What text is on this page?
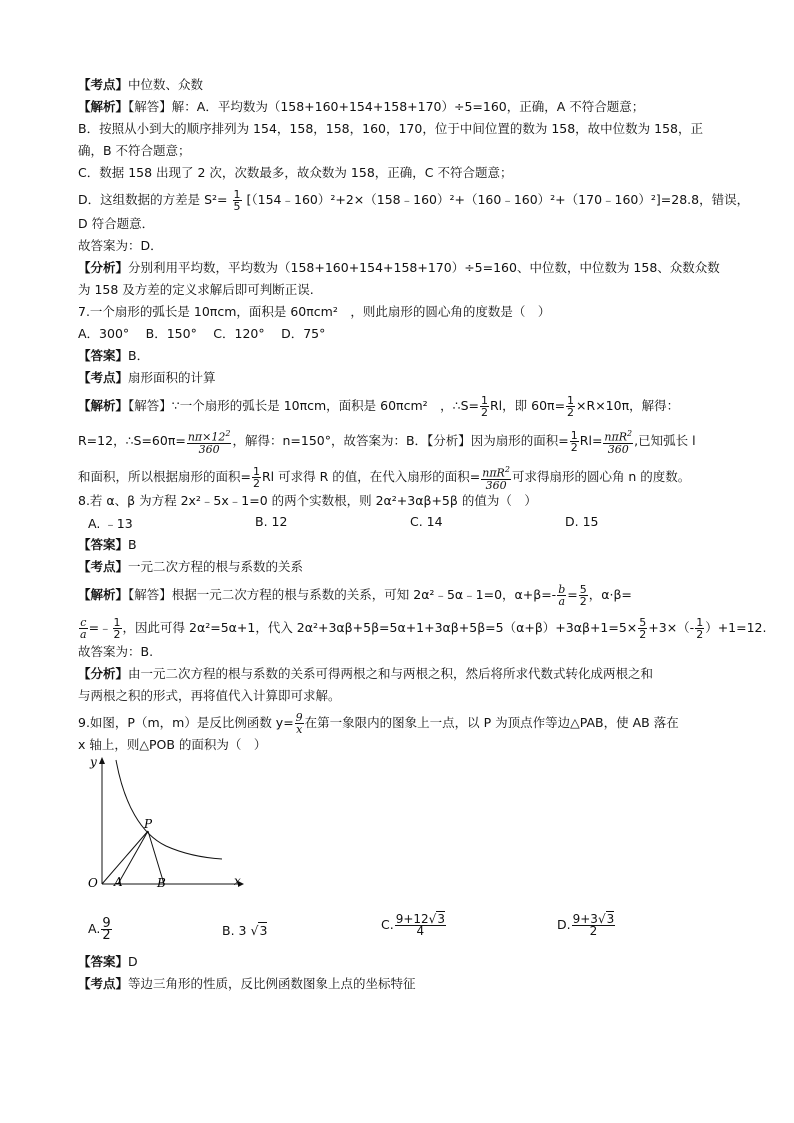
【考点】中位数、众数
【解析】【解答】解：A．平均数为（158+160+154+158+170）÷5=160，正确，A 不符合题意；
B．按照从小到大的顺序排列为 154，158，158，160，170，位于中间位置的数为 158，故中位数为 158，正
确，B 不符合题意；
C．数据 158 出现了 2 次，次数最多，故众数为 158，正确，C 不符合题意；
D．这组数据的方差是 $S^2= \frac{1}{5}$ [（154﹣160）²+2×（158﹣160）²+（160﹣160）²+（170﹣160）²]=28.8，错误，
D 符合题意．
故答案为：D．
【分析】分别利用平均数，平均数为（158+160+154+158+170）÷5=160、中位数，中位数为 158、众数众数
为 158 及方差的定义求解后即可判断正误.
7.一个扇形的弧长是 10πcm，面积是 60πcm²　，则此扇形的圆心角的度数是（　）
A．300°　 B．150°　 C．120°　 D．75°
【答案】B．
【考点】扇形面积的计算
【解析】【解答】∵一个扇形的弧长是 10πcm，面积是 60πcm²　，∴S= $\frac{1}{2}$ Rl，即 $60\pi= \frac{1}{2} \times R\times 10\pi$，解得：
R=12，∴S=60π= $\frac{n\pi\times 12^2}{360}$ ，解得：n=150°，故答案为：B．【分析】因为扇形的面积= $\frac{1}{2} Rl= \frac{n\pi R^2}{360}$ ,已知弧长 l
和面积，所以根据扇形的面积= $\frac{1}{2}$ Rl 可求得 R 的值，在代入扇形的面积= $\frac{n\pi R^2}{360}$ 可求得扇形的圆心角 n 的度数。
8.若 α、β 为方程 2x²﹣5x﹣1=0 的两个实数根，则 2α²+3αβ+5β 的值为（　）
A. ﹣13	B. 12	C. 14	D. 15
【答案】B
【考点】一元二次方程的根与系数的关系
【解析】【解答】根据一元二次方程的根与系数的关系，可知 2α²﹣5α﹣1=0，$\alpha+\beta=- \frac{b}{a} = \frac{5}{2}$ ，α·β=
$\frac{c}{a}$ =﹣ $\frac{1}{2}$ ，因此可得 2α²=5α+1，代入 $2\alpha^2+3\alpha\beta+5\beta=5\alpha+1+3\alpha\beta+5\beta=5(\alpha+\beta)+3\alpha\beta+1=5\times \frac{5}{2} +3\times(- \frac{1}{2} )+1=12$.
故答案为：B.
【分析】由一元二次方程的根与系数的关系可得两根之和与两根之积，然后将所求代数式转化成两根之和
与两根之积的形式，再将值代入计算即可求解。
9.如图，P（m，m）是反比例函数 $y= \frac{9}{x}$ 在第一象限内的图象上一点，以 P 为顶点作等边△PAB，使 AB 落在
x 轴上，则△POB 的面积为（　）
y
x
O
P
A	B
A. $\frac{9}{2}$	B. 3 √3	C. $\frac{9+12√3}{4}$	D. $\frac{9+3√3}{2}$
【答案】D
【考点】等边三角形的性质，反比例函数图象上点的坐标特征
